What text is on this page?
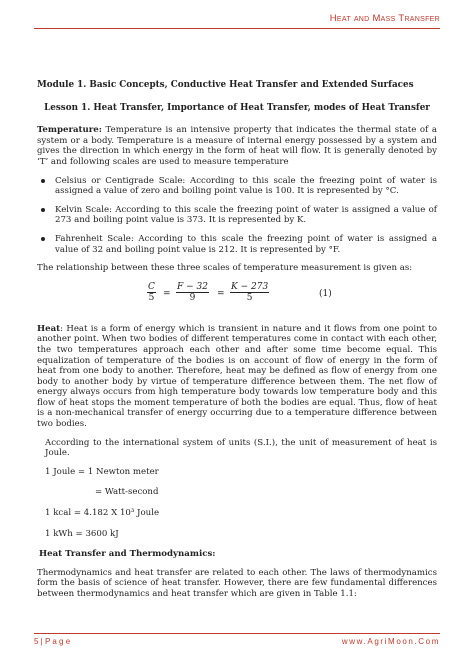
Heat and Mass Transfer

Module 1. Basic Concepts, Conductive Heat Transfer and Extended Surfaces

Lesson 1. Heat Transfer, Importance of Heat Transfer, modes of Heat Transfer

Temperature: Temperature is an intensive property that indicates the thermal state of a system or a body. Temperature is a measure of internal energy possessed by a system and gives the direction in which energy in the form of heat will flow. It is generally denoted by ‘T’ and following scales are used to measure temperature

Celsius or Centigrade Scale: According to this scale the freezing point of water is assigned a value of zero and boiling point value is 100. It is represented by °C.
Kelvin Scale: According to this scale the freezing point of water is assigned a value of 273 and boiling point value is 373. It is represented by K.
Fahrenheit Scale: According to this scale the freezing point of water is assigned a value of 32 and boiling point value is 212. It is represented by °F.

The relationship between these three scales of temperature measurement is given as:

$\frac{C}{5} = \frac{F - 32}{9} = \frac{K - 273}{5}$	(1)

Heat: Heat is a form of energy which is transient in nature and it flows from one point to another point. When two bodies of different temperatures come in contact with each other, the two temperatures approach each other and after some time become equal. This equalization of temperature of the bodies is on account of flow of energy in the form of heat from one body to another. Therefore, heat may be defined as flow of energy from one body to another body by virtue of temperature difference between them. The net flow of energy always occurs from high temperature body towards low temperature body and this flow of heat stops the moment temperature of both the bodies are equal. Thus, flow of heat is a non-mechanical transfer of energy occurring due to a temperature difference between two bodies.

According to the international system of units (S.I.), the unit of measurement of heat is Joule.

1 Joule = 1 Newton meter

= Watt-second

1 kcal = 4.182 X 10³ Joule

1 kWh = 3600 kJ

Heat Transfer and Thermodynamics:

Thermodynamics and heat transfer are related to each other. The laws of thermodynamics form the basis of science of heat transfer. However, there are few fundamental differences between thermodynamics and heat transfer which are given in Table 1.1:

5 | P a g e	www.AgriMoon.Com
